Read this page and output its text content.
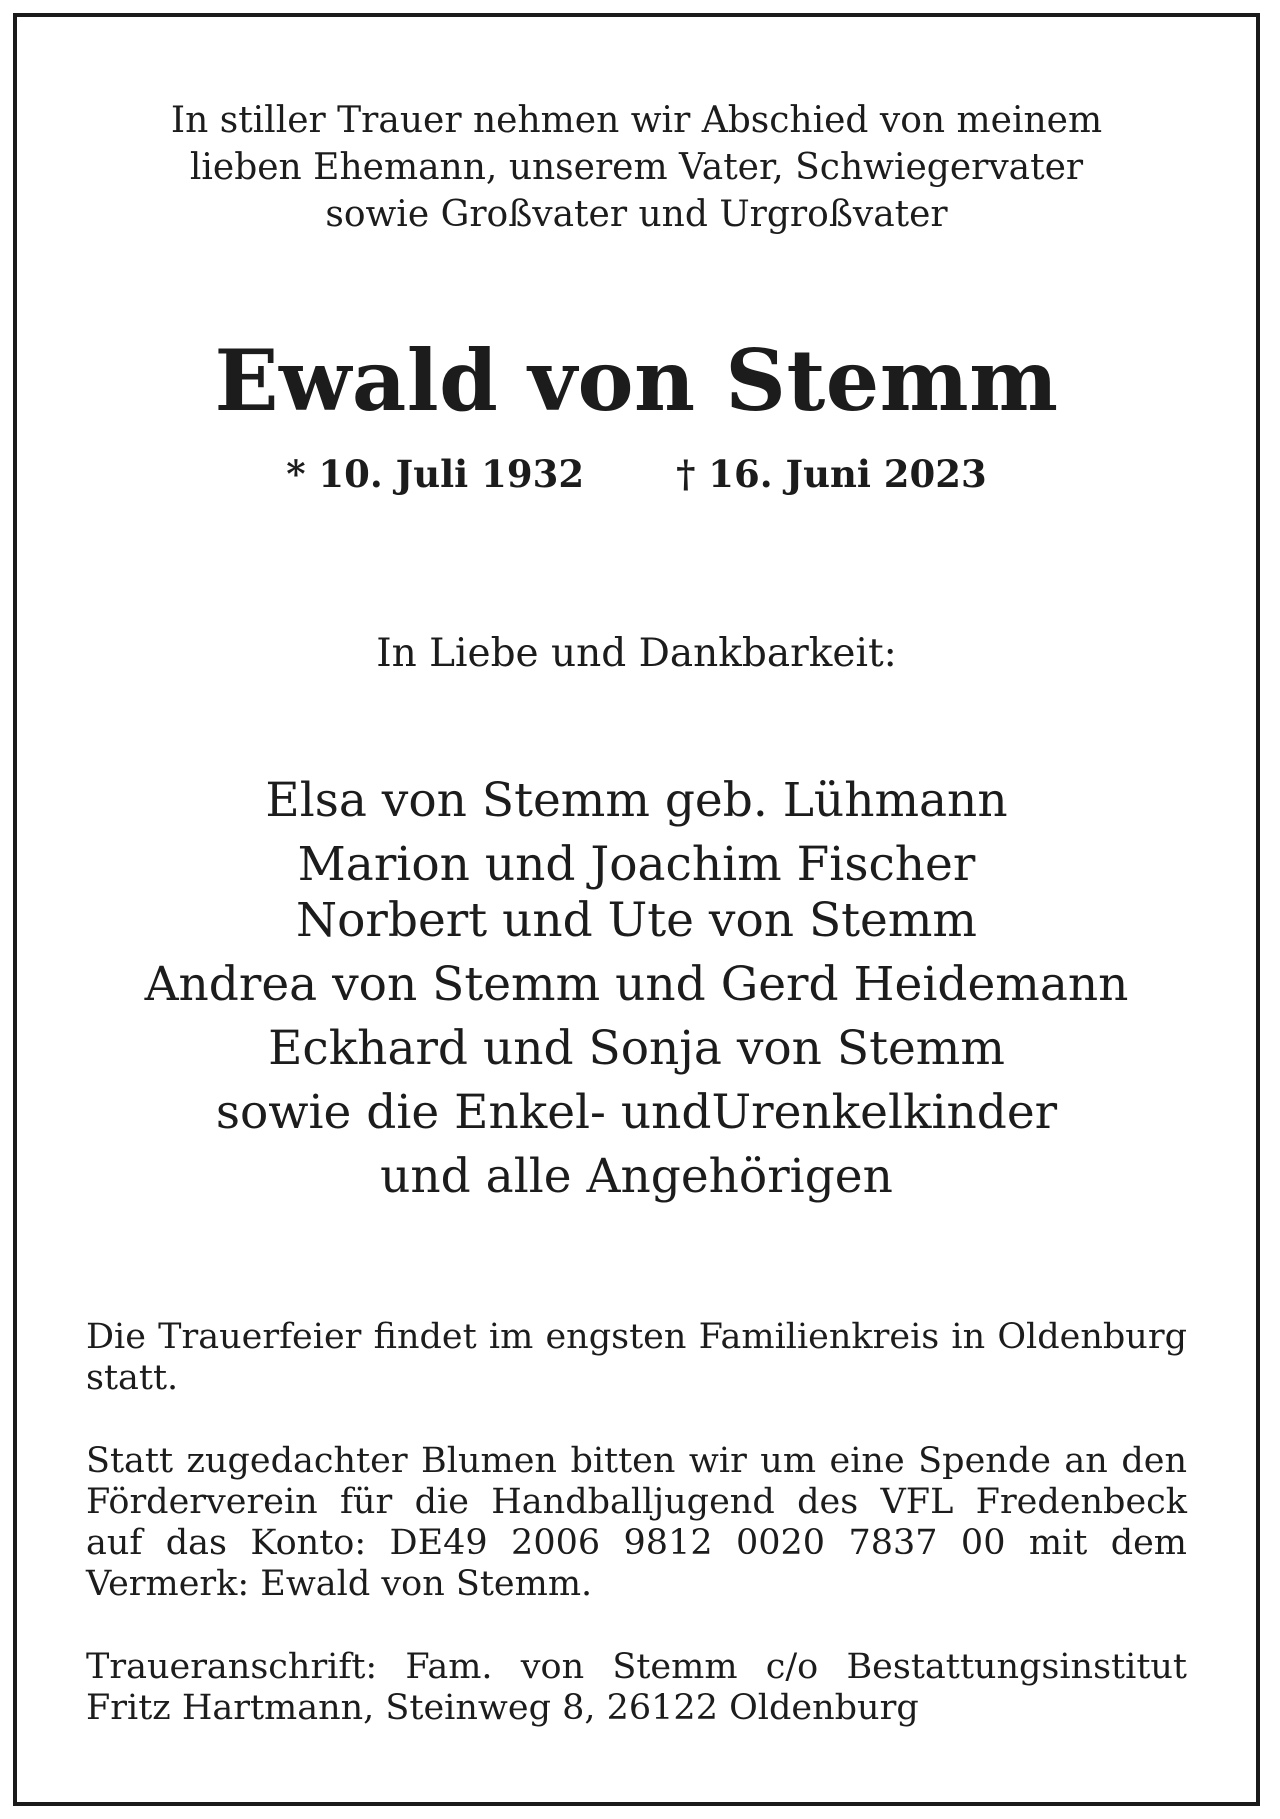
In stiller Trauer nehmen wir Abschied von meinem
lieben Ehemann, unserem Vater, Schwiegervater
sowie Großvater und Urgroßvater
Ewald von Stemm
* 10. Juli 1932 † 16. Juni 2023
In Liebe und Dankbarkeit:
Elsa von Stemm geb. Lühmann
Marion und Joachim Fischer
Norbert und Ute von Stemm
Andrea von Stemm und Gerd Heidemann
Eckhard und Sonja von Stemm
sowie die Enkel- undUrenkelkinder
und alle Angehörigen

Die Trauerfeier findet im engsten Familienkreis in Oldenburg statt.

Statt zugedachter Blumen bitten wir um eine Spende an den Förderverein für die Handballjugend des VFL Fredenbeck auf das Konto: DE49 2006 9812 0020 7837 00 mit dem Vermerk: Ewald von Stemm.

Traueranschrift: Fam. von Stemm c/o Bestattungsinstitut Fritz Hartmann, Steinweg 8, 26122 Oldenburg
